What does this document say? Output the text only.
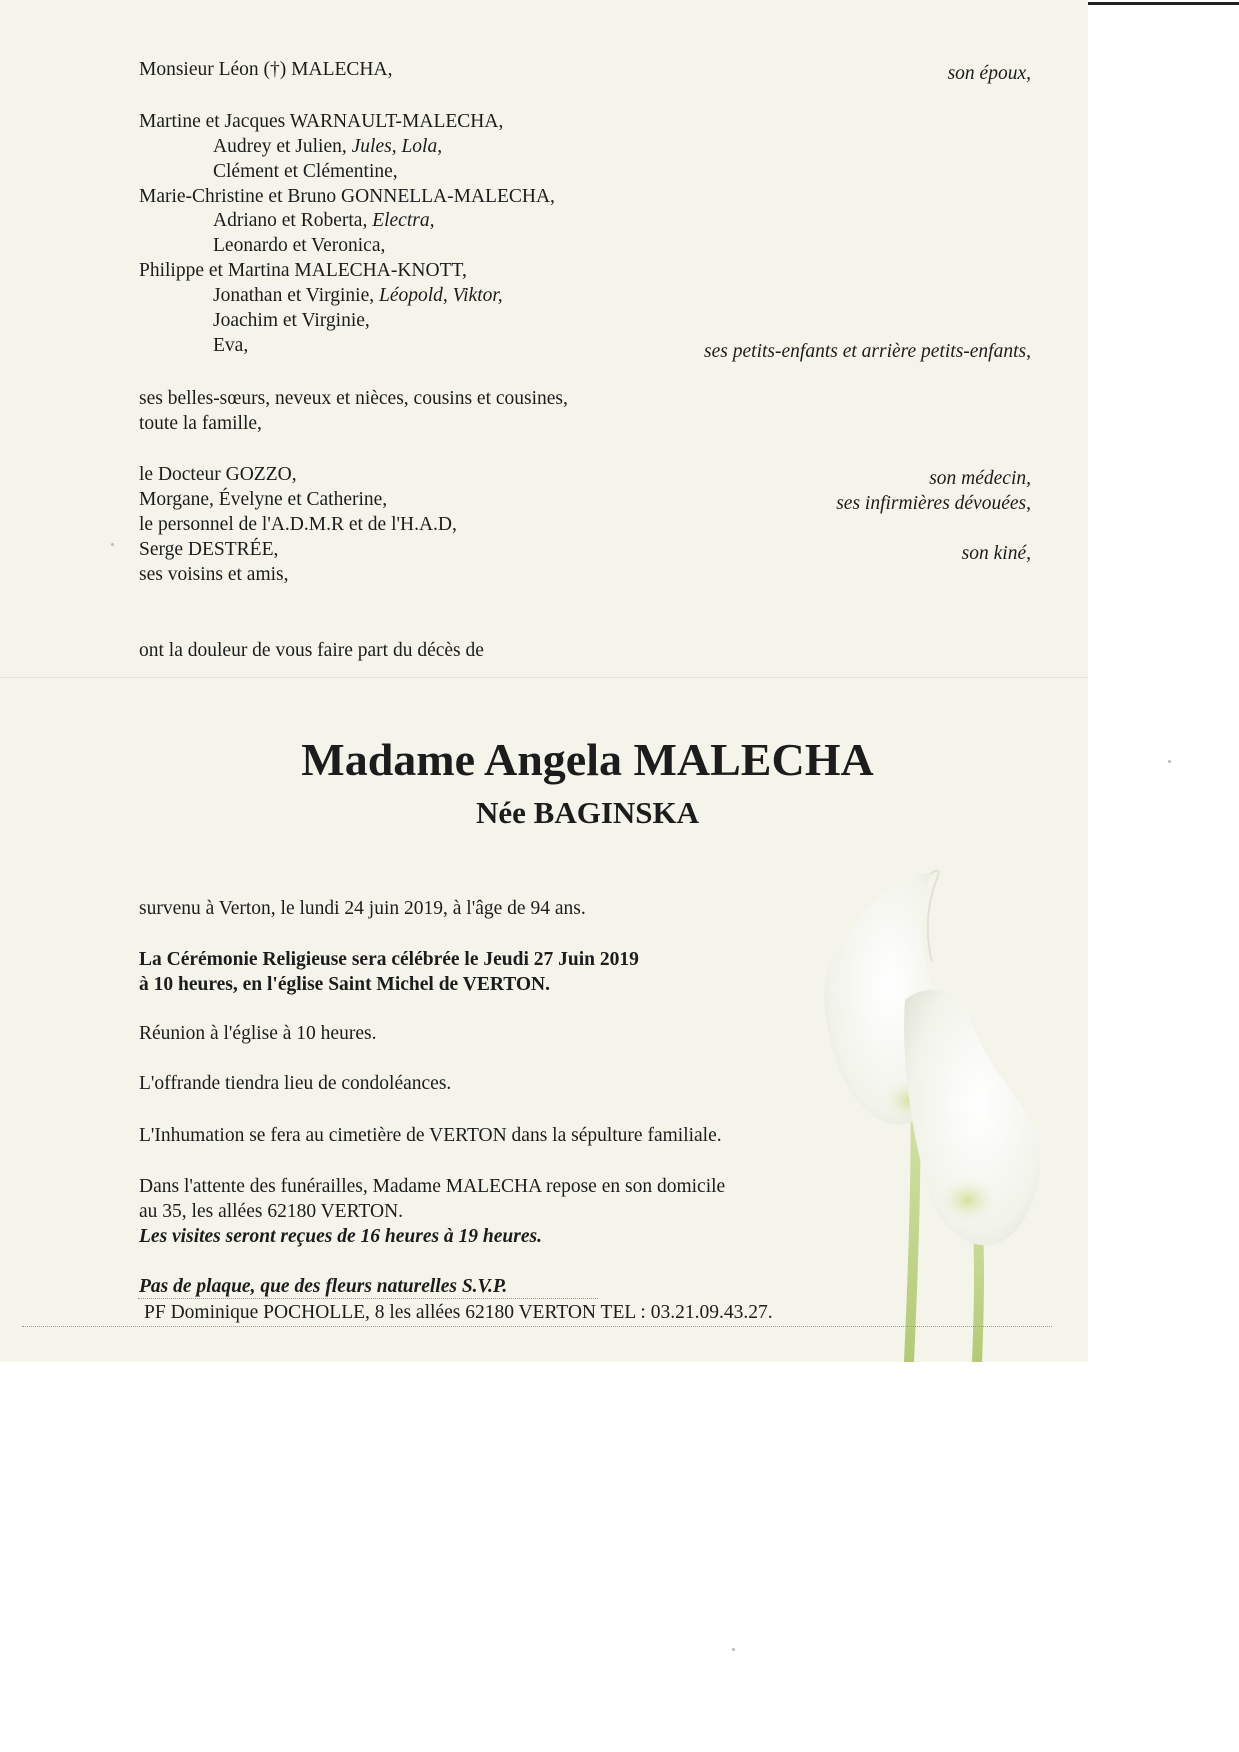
Monsieur Léon (†) MALECHA,	son époux,
Martine et Jacques WARNAULT-MALECHA,
Audrey et Julien, Jules, Lola,
Clément et Clémentine,
Marie-Christine et Bruno GONNELLA-MALECHA,
Adriano et Roberta, Electra,
Leonardo et Veronica,
Philippe et Martina MALECHA-KNOTT,
Jonathan et Virginie, Léopold, Viktor,
Joachim et Virginie,
Eva,	ses petits-enfants et arrière petits-enfants,
ses belles-sœurs, neveux et nièces, cousins et cousines,
toute la famille,
le Docteur GOZZO,	son médecin,
Morgane, Évelyne et Catherine,	ses infirmières dévouées,
le personnel de l'A.D.M.R et de l'H.A.D,
Serge DESTRÉE,	son kiné,
ses voisins et amis,
ont la douleur de vous faire part du décès de
Madame Angela MALECHA
Née BAGINSKA
survenu à Verton, le lundi 24 juin 2019, à l'âge de 94 ans.
La Cérémonie Religieuse sera célébrée le Jeudi 27 Juin 2019
à 10 heures, en l'église Saint Michel de VERTON.
Réunion à l'église à 10 heures.
L'offrande tiendra lieu de condoléances.
L'Inhumation se fera au cimetière de VERTON dans la sépulture familiale.
Dans l'attente des funérailles, Madame MALECHA repose en son domicile
au 35, les allées 62180 VERTON.
Les visites seront reçues de 16 heures à 19 heures.
Pas de plaque, que des fleurs naturelles S.V.P.
PF Dominique POCHOLLE, 8 les allées 62180 VERTON TEL : 03.21.09.43.27.
